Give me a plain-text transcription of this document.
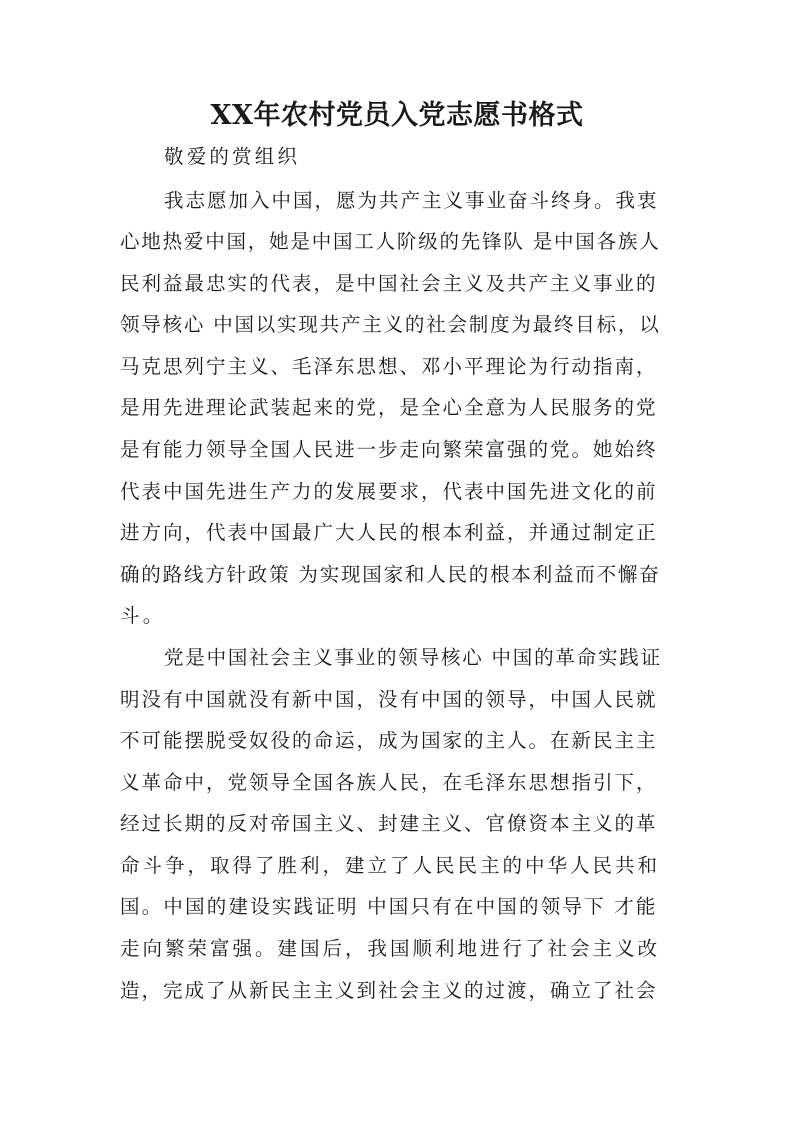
XX年农村党员入党志愿书格式
敬爱的赏组织
我志愿加入中国，愿为共产主义事业奋斗终身。我衷
心地热爱中国，她是中国工人阶级的先锋队 是中国各族人
民利益最忠实的代表，是中国社会主义及共产主义事业的
领导核心 中国以实现共产主义的社会制度为最终目标，以
马克思列宁主义、毛泽东思想、邓小平理论为行动指南，
是用先进理论武装起来的党，是全心全意为人民服务的党
是有能力领导全国人民进一步走向繁荣富强的党。她始终
代表中国先进生产力的发展要求，代表中国先进文化的前
进方向，代表中国最广大人民的根本利益，并通过制定正
确的路线方针政策 为实现国家和人民的根本利益而不懈奋
斗。
党是中国社会主义事业的领导核心 中国的革命实践证
明没有中国就没有新中国，没有中国的领导，中国人民就
不可能摆脱受奴役的命运，成为国家的主人。在新民主主
义革命中，党领导全国各族人民，在毛泽东思想指引下，
经过长期的反对帝国主义、封建主义、官僚资本主义的革
命斗争，取得了胜利，建立了人民民主的中华人民共和
国。中国的建设实践证明 中国只有在中国的领导下 才能
走向繁荣富强。建国后，我国顺利地进行了社会主义改
造，完成了从新民主主义到社会主义的过渡，确立了社会
